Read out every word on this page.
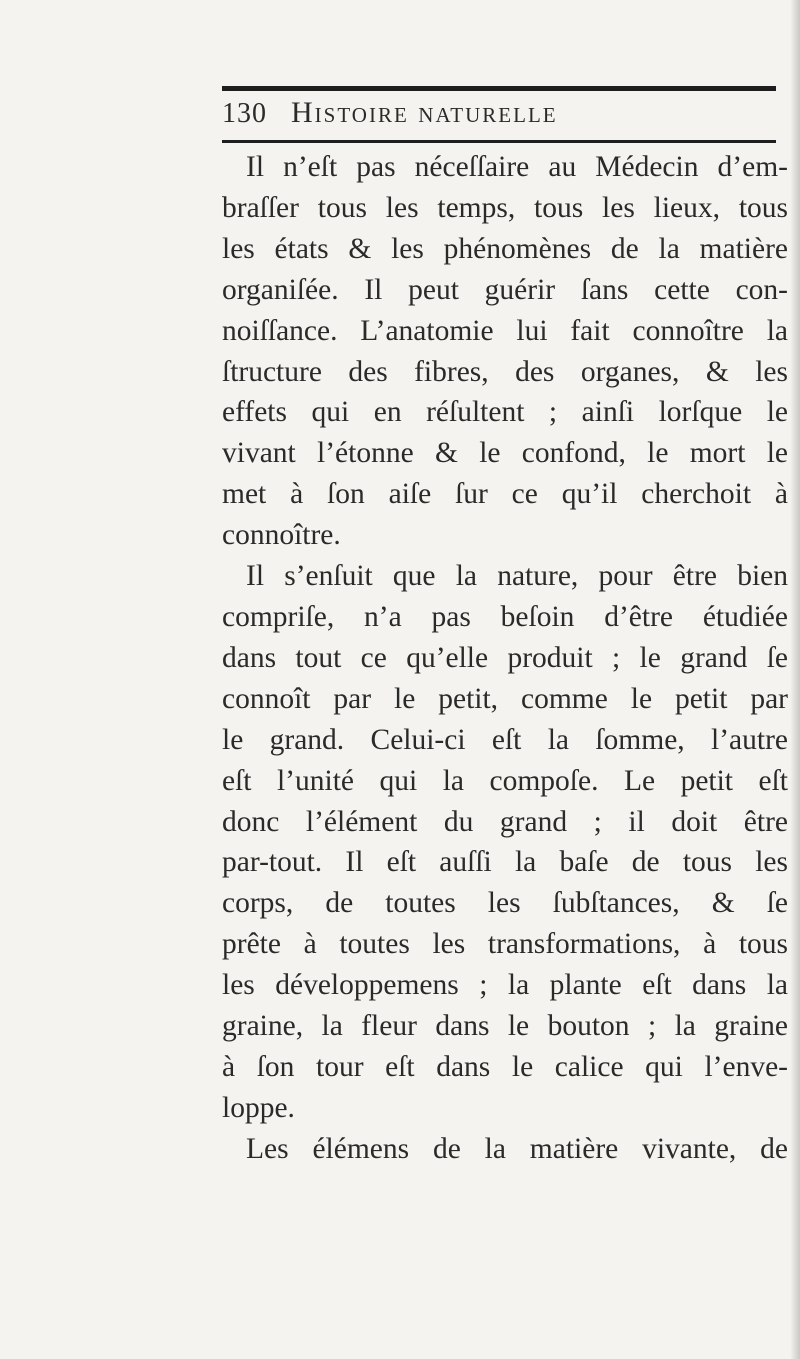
130 Histoire naturelle
Il n’eſt pas néceſſaire au Médecin d’em-
braſſer tous les temps, tous les lieux, tous
les états & les phénomènes de la matière
organiſée. Il peut guérir ſans cette con-
noiſſance. L’anatomie lui fait connoître la
ſtructure des fibres, des organes, & les
effets qui en réſultent ; ainſi lorſque le
vivant l’étonne & le confond, le mort le
met à ſon aiſe ſur ce qu’il cherchoit à
connoître.
Il s’enſuit que la nature, pour être bien
compriſe, n’a pas beſoin d’être étudiée
dans tout ce qu’elle produit ; le grand ſe
connoît par le petit, comme le petit par
le grand. Celui-ci eſt la ſomme, l’autre
eſt l’unité qui la compoſe. Le petit eſt
donc l’élément du grand ; il doit être
par-tout. Il eſt auſſi la baſe de tous les
corps, de toutes les ſubſtances, & ſe
prête à toutes les transformations, à tous
les développemens ; la plante eſt dans la
graine, la fleur dans le bouton ; la graine
à ſon tour eſt dans le calice qui l’enve-
loppe.
Les élémens de la matière vivante, de
